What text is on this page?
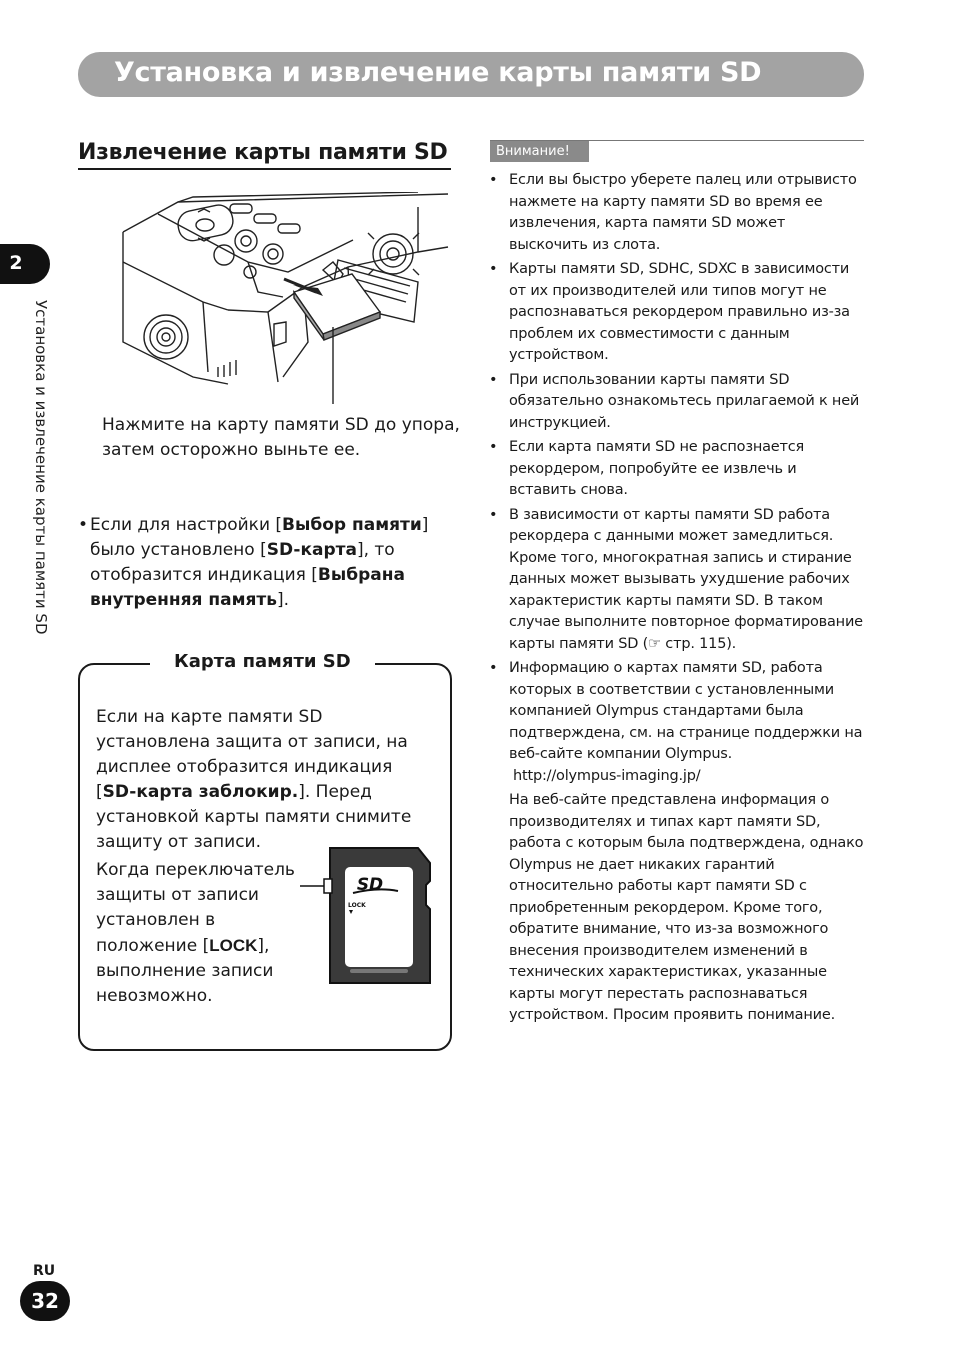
Установка и извлечение карты памяти SD
2
Установка и извлечение карты памяти SD
Извлечение карты памяти SD

Нажмите на карту памяти SD до упора, затем осторожно выньте ее.

• Если для настройки [Выбор памяти] было установлено [SD-карта], то отобразится индикация [Выбрана внутренняя память].

Карта памяти SD

Если на карте памяти SD установлена защита от записи, на дисплее отобразится индикация [SD-карта заблокир.]. Перед установкой карты памяти снимите защиту от записи.

Когда переключатель защиты от записи установлен в положение [LOCK], выполнение записи невозможно.

SD
LOCK
Внимание!
• Если вы быстро уберете палец или отрывисто нажмете на карту памяти SD во время ее извлечения, карта памяти SD может выскочить из слота.
• Карты памяти SD, SDHC, SDXC в зависимости от их производителей или типов могут не распознаваться рекордером правильно из-за проблем их совместимости с данным устройством.
• При использовании карты памяти SD обязательно ознакомьтесь прилагаемой к ней инструкцией.
• Если карта памяти SD не распознается рекордером, попробуйте ее извлечь и вставить снова.
• В зависимости от карты памяти SD работа рекордера с данными может замедлиться. Кроме того, многократная запись и стирание данных может вызывать ухудшение рабочих характеристик карты памяти SD. В таком случае выполните повторное форматирование карты памяти SD (☞ стр. 115).
• Информацию о картах памяти SD, работа которых в соответствии с установленными компанией Olympus стандартами была подтверждена, см. на странице поддержки на веб-сайте компании Olympus.
http://olympus-imaging.jp/
На веб-сайте представлена информация о производителях и типах карт памяти SD, работа с которым была подтверждена, однако Olympus не дает никаких гарантий относительно работы карт памяти SD с приобретенным рекордером. Кроме того, обратите внимание, что из-за возможного внесения производителем изменений в технических характеристиках, указанные карты могут перестать распознаваться устройством. Просим проявить понимание.
RU
32
